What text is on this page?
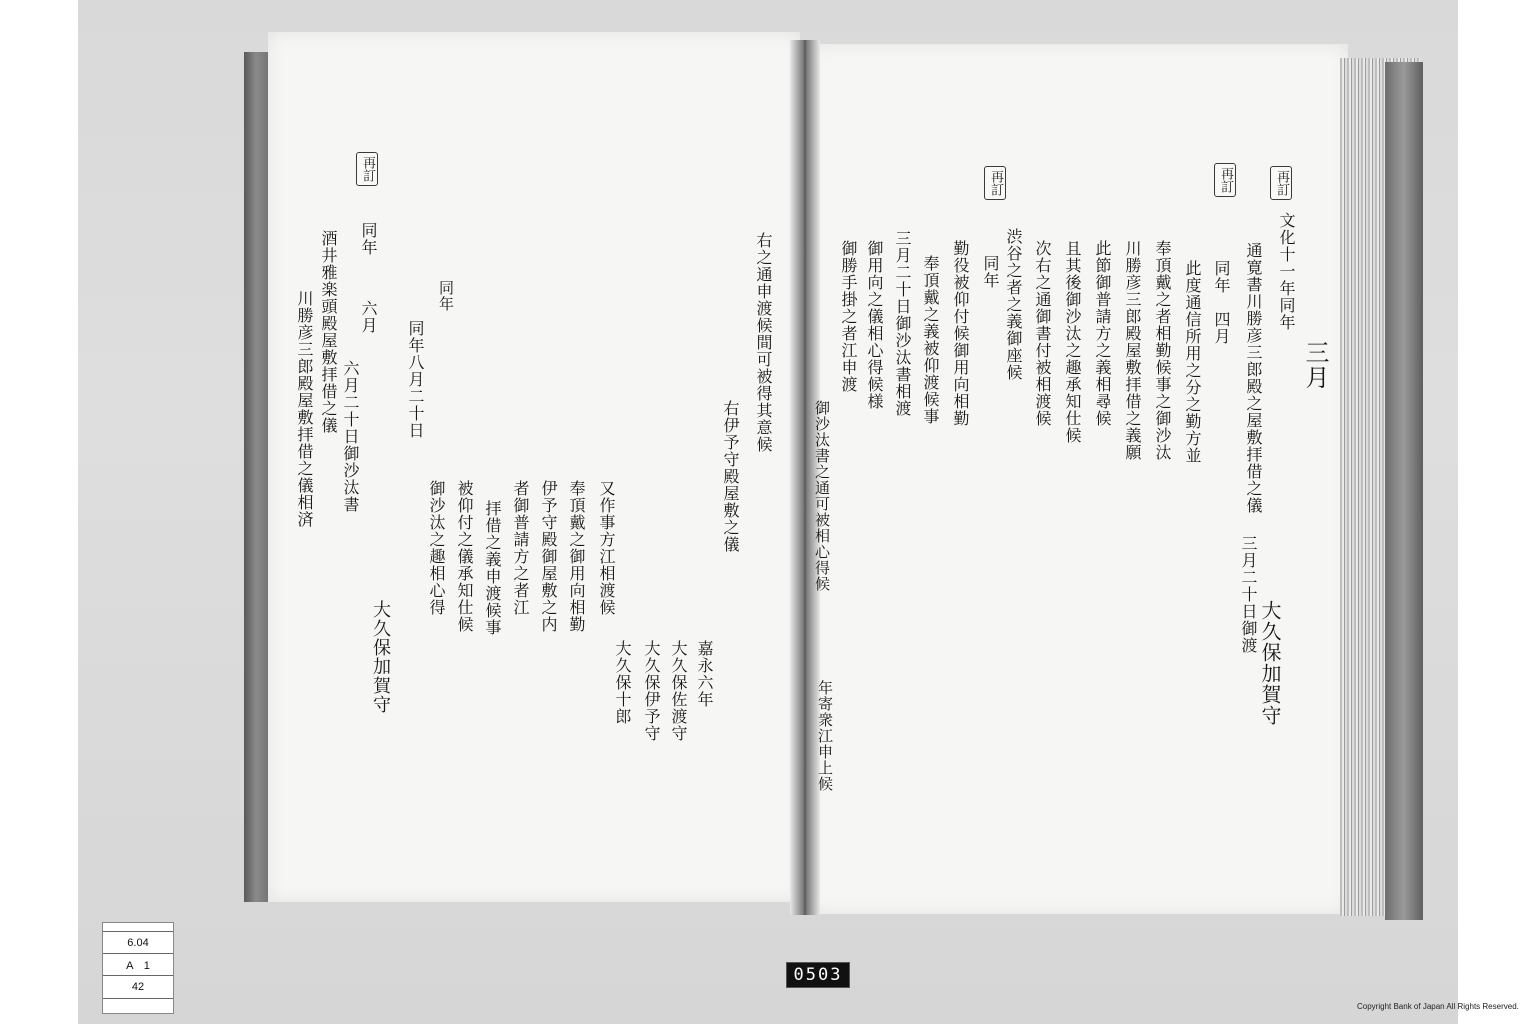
再訂
再訂
再訂
三月
三月二十日御渡
大久保加賀守
文化十一年同年
通寛書川勝彦三郎殿之屋敷拝借之儀
同年　四月
此度通信所用之分之勤方並
奉頂戴之者相勤候事之御沙汰
川勝彦三郎殿屋敷拝借之義願
此節御普請方之義相尋候
且其後御沙汰之趣承知仕候
次右之通御書付被相渡候
渋谷之者之義御座候
同年
勤役被仰付候御用向相勤
奉頂戴之義被仰渡候事
三月二十日御沙汰書相渡
御用向之儀相心得候様
御勝手掛之者江申渡
御沙汰書之通可被相心得候
年寄衆江申上候
再訂
右之通申渡候間可被得其意候
右伊予守殿屋敷之儀
嘉永六年
大久保佐渡守
大久保伊予守
大久保十郎
又作事方江相渡候
奉頂戴之御用向相勤
伊予守殿御屋敷之内
者御普請方之者江
拝借之義申渡候事
被仰付之儀承知仕候
御沙汰之趣相心得
同年
同年八月二十日
大久保加賀守
同年
六月
六月二十日御沙汰書
酒井雅楽頭殿屋敷拝借之儀
川勝彦三郎殿屋敷拝借之儀相済
6.04
A　1
42
0503
Copyright Bank of Japan All Rights Reserved.
